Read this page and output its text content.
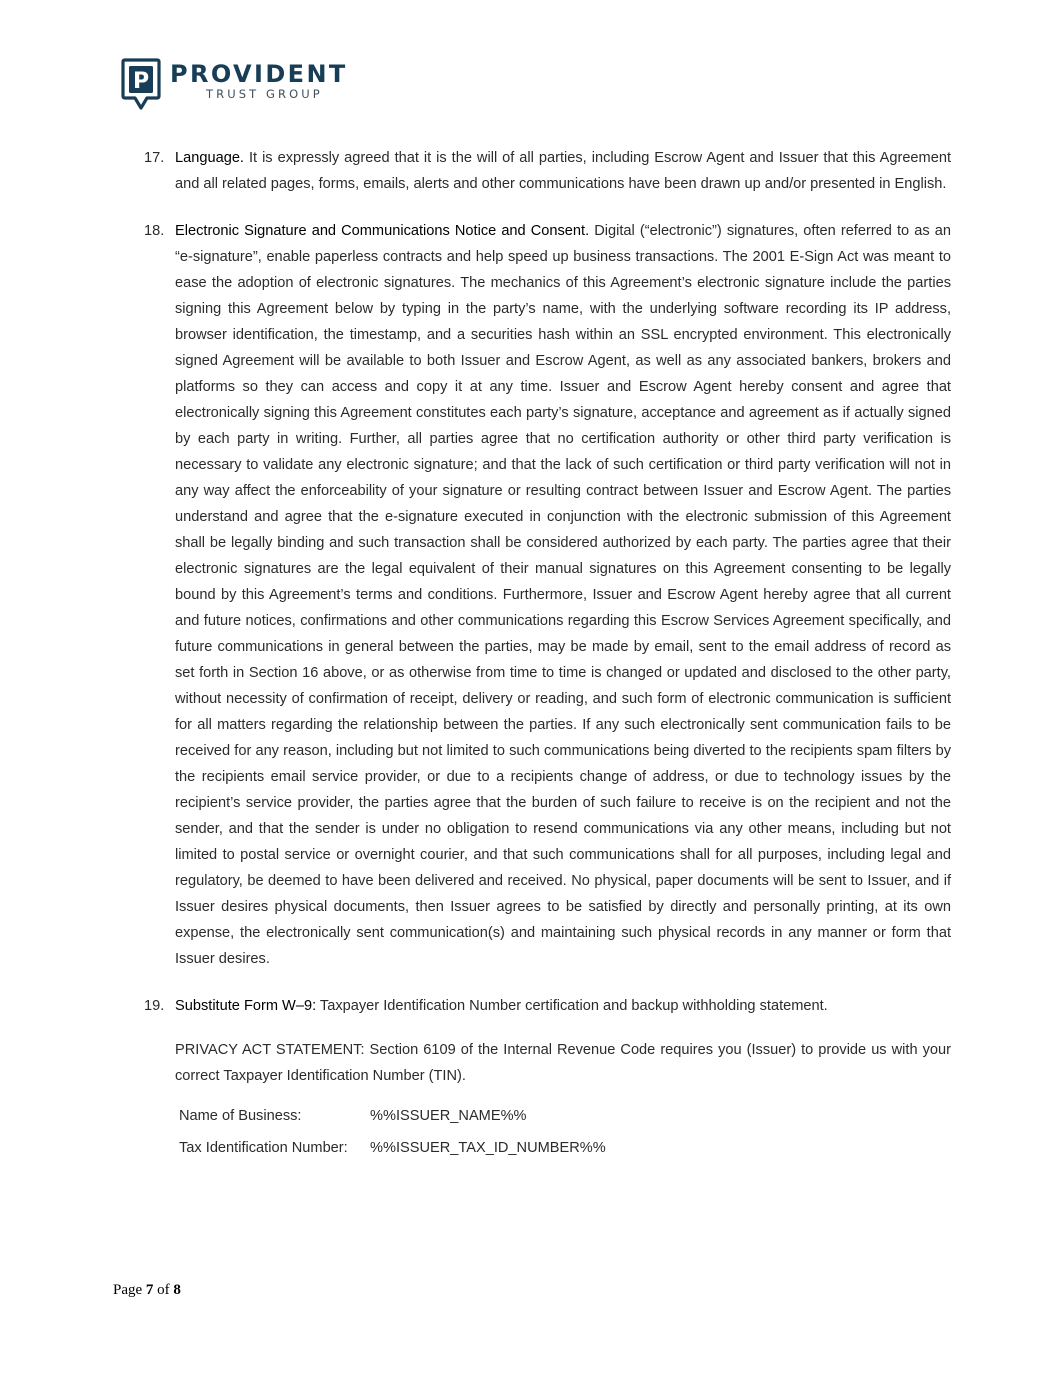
P PROVIDENT
TRUST GROUP
17. Language. It is expressly agreed that it is the will of all parties, including Escrow Agent and Issuer that this Agreement and all related pages, forms, emails, alerts and other communications have been drawn up and/or presented in English.
18. Electronic Signature and Communications Notice and Consent. Digital (“electronic”) signatures, often referred to as an “e-signature”, enable paperless contracts and help speed up business transactions. The 2001 E-Sign Act was meant to ease the adoption of electronic signatures. The mechanics of this Agreement’s electronic signature include the parties signing this Agreement below by typing in the party’s name, with the underlying software recording its IP address, browser identification, the timestamp, and a securities hash within an SSL encrypted environment. This electronically signed Agreement will be available to both Issuer and Escrow Agent, as well as any associated bankers, brokers and platforms so they can access and copy it at any time. Issuer and Escrow Agent hereby consent and agree that electronically signing this Agreement constitutes each party’s signature, acceptance and agreement as if actually signed by each party in writing. Further, all parties agree that no certification authority or other third party verification is necessary to validate any electronic signature; and that the lack of such certification or third party verification will not in any way affect the enforceability of your signature or resulting contract between Issuer and Escrow Agent. The parties understand and agree that the e-signature executed in conjunction with the electronic submission of this Agreement shall be legally binding and such transaction shall be considered authorized by each party. The parties agree that their electronic signatures are the legal equivalent of their manual signatures on this Agreement consenting to be legally bound by this Agreement’s terms and conditions. Furthermore, Issuer and Escrow Agent hereby agree that all current and future notices, confirmations and other communications regarding this Escrow Services Agreement specifically, and future communications in general between the parties, may be made by email, sent to the email address of record as set forth in Section 16 above, or as otherwise from time to time is changed or updated and disclosed to the other party, without necessity of confirmation of receipt, delivery or reading, and such form of electronic communication is sufficient for all matters regarding the relationship between the parties. If any such electronically sent communication fails to be received for any reason, including but not limited to such communications being diverted to the recipients spam filters by the recipients email service provider, or due to a recipients change of address, or due to technology issues by the recipient’s service provider, the parties agree that the burden of such failure to receive is on the recipient and not the sender, and that the sender is under no obligation to resend communications via any other means, including but not limited to postal service or overnight courier, and that such communications shall for all purposes, including legal and regulatory, be deemed to have been delivered and received. No physical, paper documents will be sent to Issuer, and if Issuer desires physical documents, then Issuer agrees to be satisfied by directly and personally printing, at its own expense, the electronically sent communication(s) and maintaining such physical records in any manner or form that Issuer desires.
19. Substitute Form W–9: Taxpayer Identification Number certification and backup withholding statement.
PRIVACY ACT STATEMENT: Section 6109 of the Internal Revenue Code requires you (Issuer) to provide us with your correct Taxpayer Identification Number (TIN).
Name of Business:	%%ISSUER_NAME%%
Tax Identification Number:	%%ISSUER_TAX_ID_NUMBER%%
Page 7 of 8
